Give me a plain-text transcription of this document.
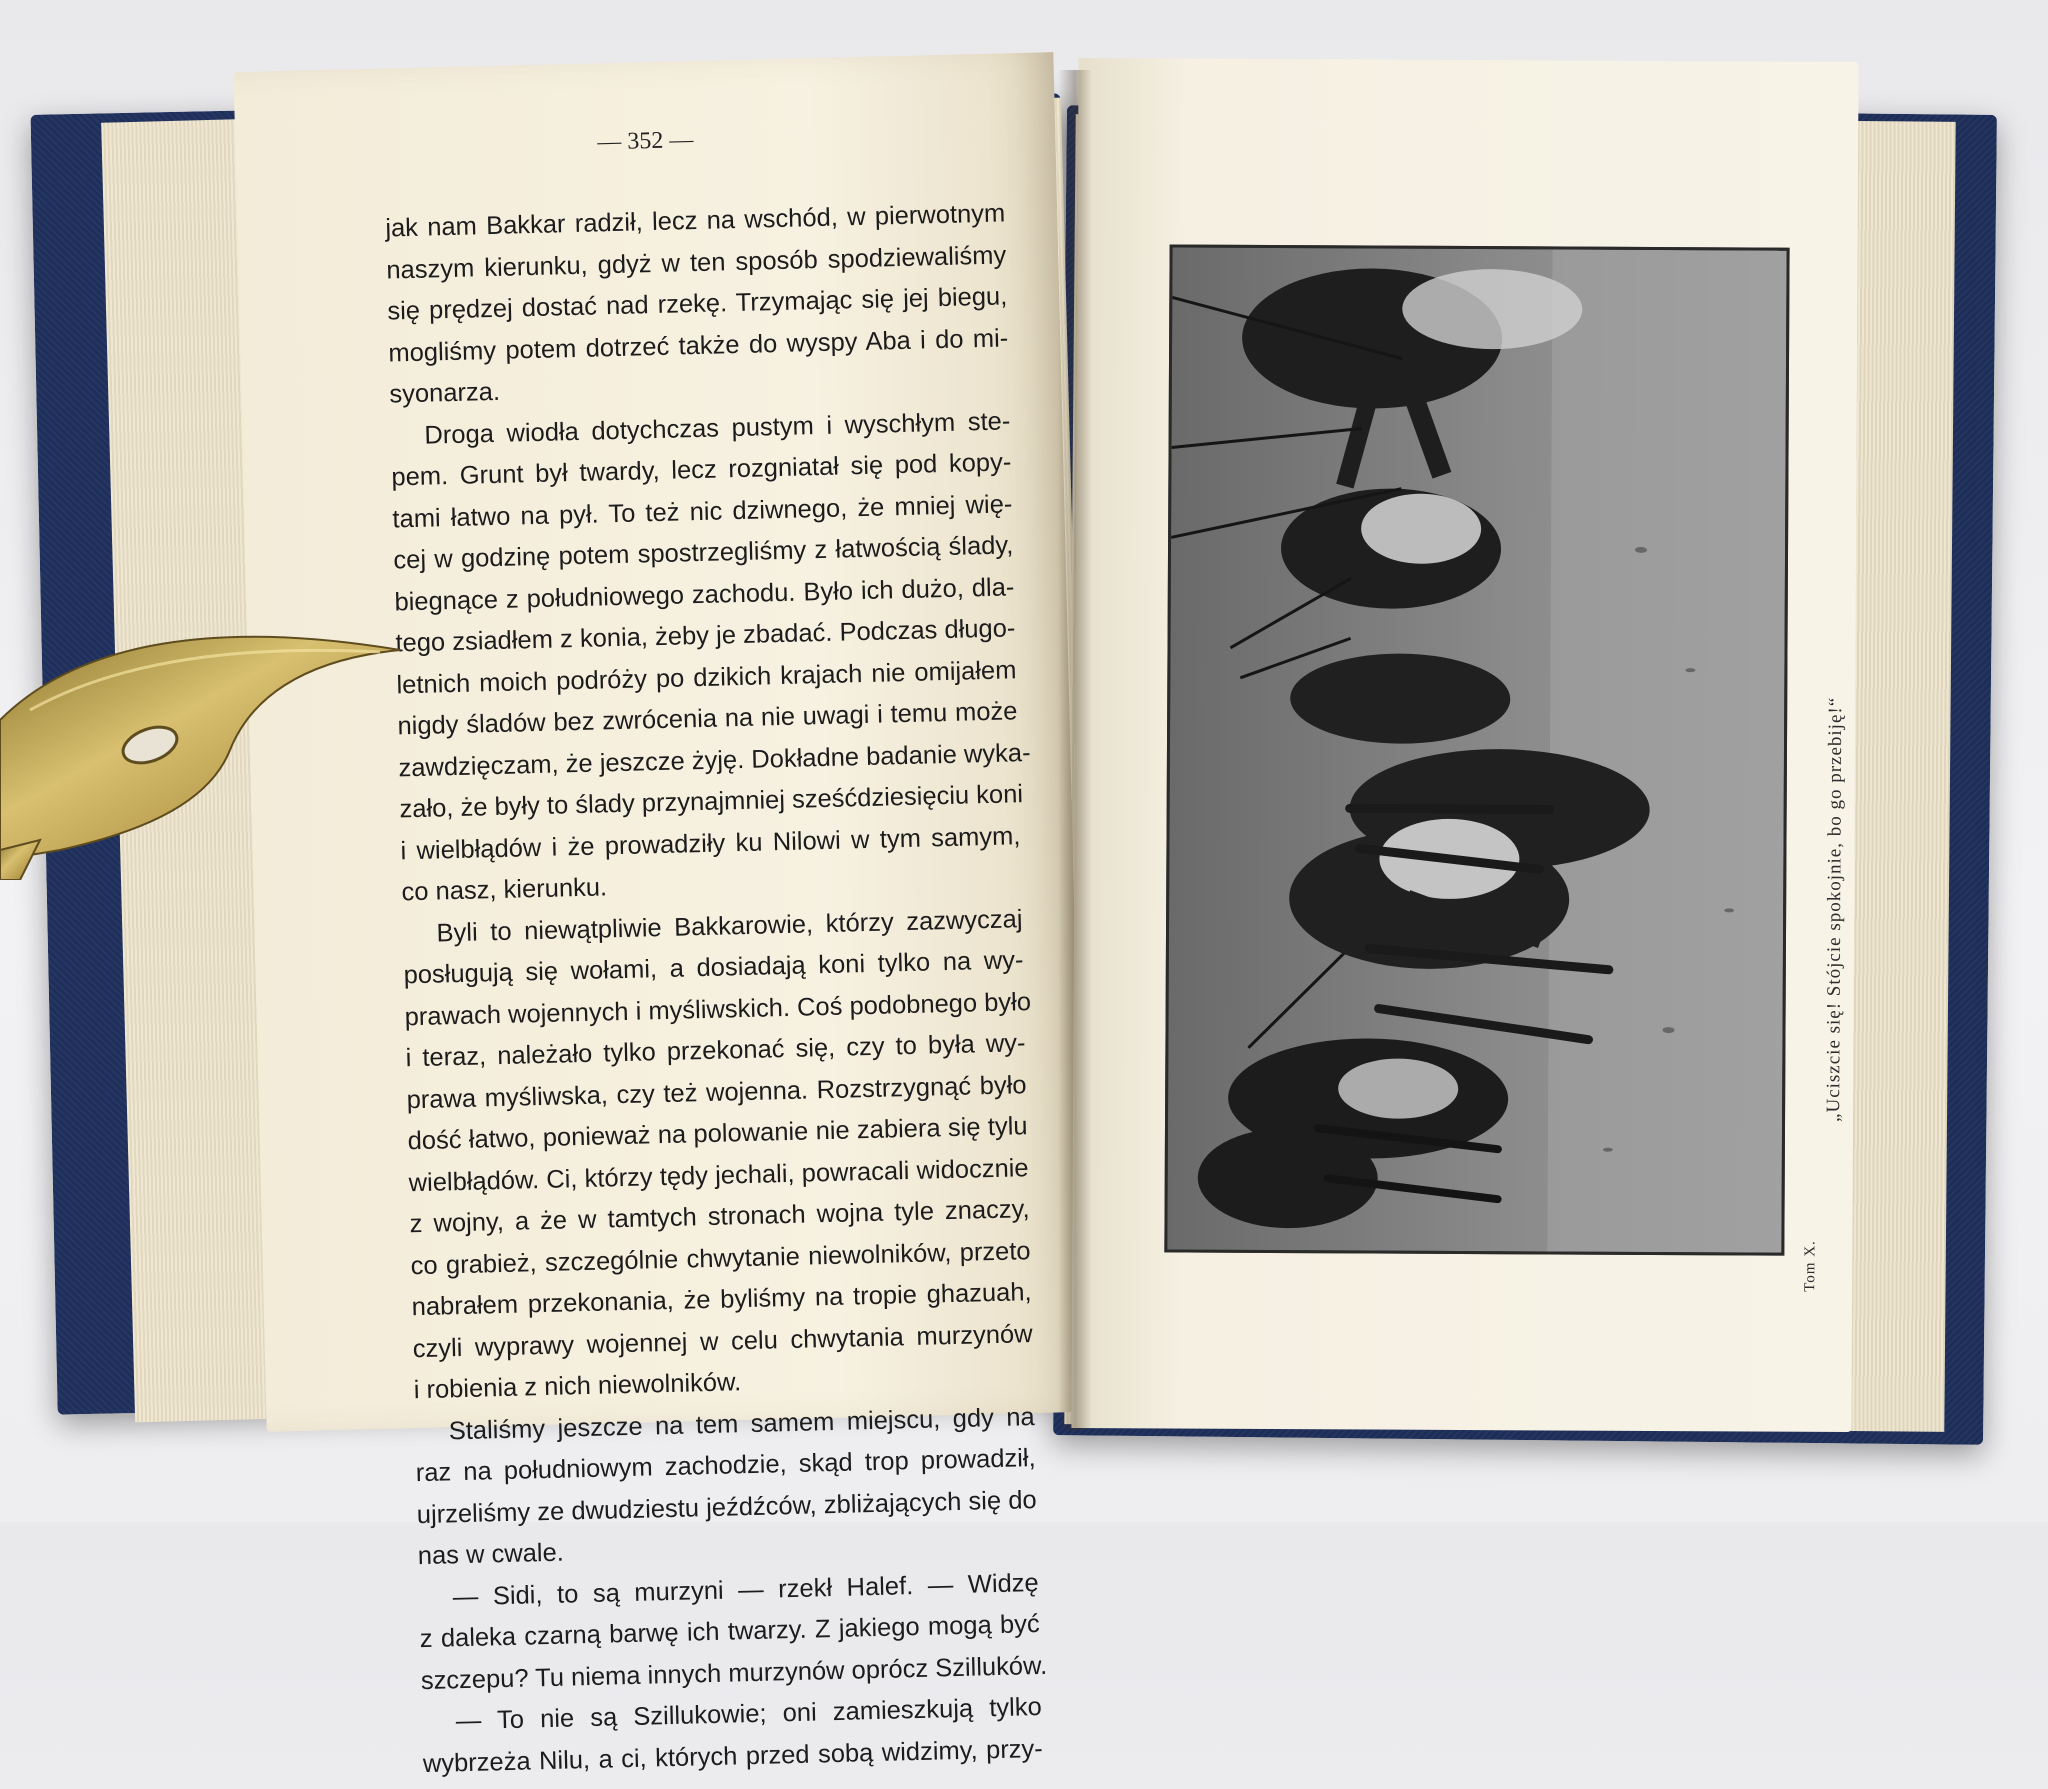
— 352 —
jak nam Bakkar radził, lecz na wschód, w pierwotnym
naszym kierunku, gdyż w ten sposób spodziewaliśmy
się prędzej dostać nad rzekę. Trzymając się jej biegu,
mogliśmy potem dotrzeć także do wyspy Aba i do mi-
syonarza.
Droga wiodła dotychczas pustym i wyschłym ste-
pem. Grunt był twardy, lecz rozgniatał się pod kopy-
tami łatwo na pył. To też nic dziwnego, że mniej wię-
cej w godzinę potem spostrzegliśmy z łatwością ślady,
biegnące z południowego zachodu. Było ich dużo, dla-
tego zsiadłem z konia, żeby je zbadać. Podczas długo-
letnich moich podróży po dzikich krajach nie omijałem
nigdy śladów bez zwrócenia na nie uwagi i temu może
zawdzięczam, że jeszcze żyję. Dokładne badanie wyka-
zało, że były to ślady przynajmniej sześćdziesięciu koni
i wielbłądów i że prowadziły ku Nilowi w tym samym,
co nasz, kierunku.
Byli to niewątpliwie Bakkarowie, którzy zazwyczaj
posługują się wołami, a dosiadają koni tylko na wy-
prawach wojennych i myśliwskich. Coś podobnego było
i teraz, należało tylko przekonać się, czy to była wy-
prawa myśliwska, czy też wojenna. Rozstrzygnąć było
dość łatwo, ponieważ na polowanie nie zabiera się tylu
wielbłądów. Ci, którzy tędy jechali, powracali widocznie
z wojny, a że w tamtych stronach wojna tyle znaczy,
co grabież, szczególnie chwytanie niewolników, przeto
nabrałem przekonania, że byliśmy na tropie ghazuah,
czyli wyprawy wojennej w celu chwytania murzynów
i robienia z nich niewolników.
Staliśmy jeszcze na tem samem miejscu, gdy na
raz na południowym zachodzie, skąd trop prowadził,
ujrzeliśmy ze dwudziestu jeźdźców, zbliżających się do
nas w cwale.
— Sidi, to są murzyni — rzekł Halef. — Widzę
z daleka czarną barwę ich twarzy. Z jakiego mogą być
szczepu? Tu niema innych murzynów oprócz Szilluków.
— To nie są Szillukowie; oni zamieszkują tylko
wybrzeża Nilu, a ci, których przed sobą widzimy, przy-
„Uciszcie się! Stójcie spokojnie, bo go przebiję!“
Tom X.
